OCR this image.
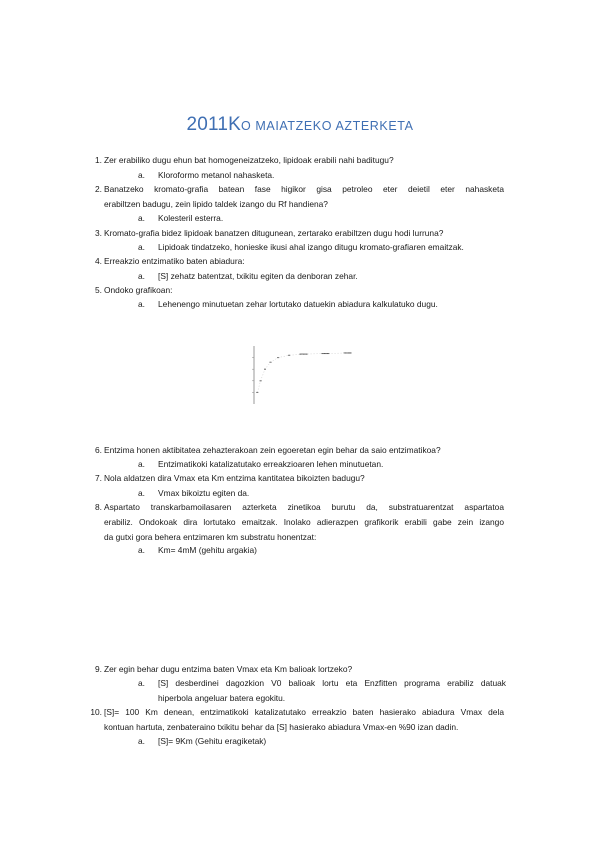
2011KO MAIATZEKO AZTERKETA
1. Zer erabiliko dugu ehun bat homogeneizatzeko, lipidoak erabili nahi baditugu?
a. Kloroformo metanol nahasketa.
2. Banatzeko kromato-grafia batean fase higikor gisa petroleo eter deietil eter nahasketa
erabiltzen badugu, zein lipido taldek izango du Rf handiena?
a. Kolesteril esterra.
3. Kromato-grafia bidez lipidoak banatzen ditugunean, zertarako erabiltzen dugu hodi lurruna?
a. Lipidoak tindatzeko, honieske ikusi ahal izango ditugu kromato-grafiaren emaitzak.
4. Erreakzio entzimatiko baten abiadura:
a. [S] zehatz batentzat, txikitu egiten da denboran zehar.
5. Ondoko grafikoan:
a. Lehenengo minutuetan zehar lortutako datuekin abiadura kalkulatuko dugu.
6. Entzima honen aktibitatea zehazterakoan zein egoeretan egin behar da saio entzimatikoa?
a. Entzimatikoki katalizatutako erreakzioaren lehen minutuetan.
7. Nola aldatzen dira Vmax eta Km entzima kantitatea bikoizten badugu?
a. Vmax bikoiztu egiten da.
8. Aspartato transkarbamoilasaren azterketa zinetikoa burutu da, substratuarentzat aspartatoa
erabiliz. Ondokoak dira lortutako emaitzak. Inolako adierazpen grafikorik erabili gabe zein izango
da gutxi gora behera entzimaren km substratu honentzat:
a. Km= 4mM (gehitu argakia)
9. Zer egin behar dugu entzima baten Vmax eta Km balioak lortzeko?
a. [S] desberdinei dagozkion V0 balioak lortu eta Enzfitten programa erabiliz datuak
hiperbola angeluar batera egokitu.
10. [S]= 100 Km denean, entzimatikoki katalizatutako erreakzio baten hasierako abiadura Vmax dela
kontuan hartuta, zenbateraino txikitu behar da [S] hasierako abiadura Vmax-en %90 izan dadin.
a. [S]= 9Km (Gehitu eragiketak)
